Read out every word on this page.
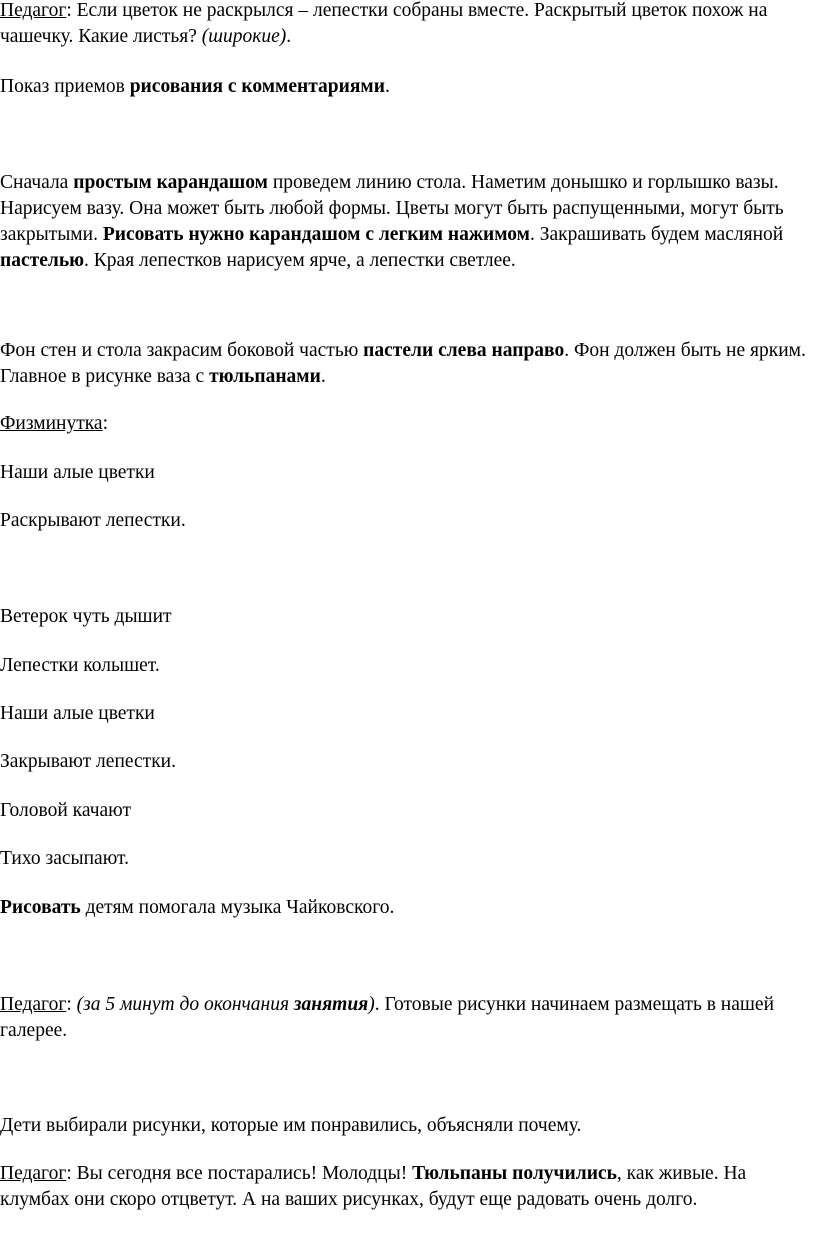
Педагог: Если цветок не раскрылся – лепестки собраны вместе. Раскрытый цветок похож на чашечку. Какие листья? (широкие).

Показ приемов рисования с комментариями.

Сначала простым карандашом проведем линию стола. Наметим донышко и горлышко вазы. Нарисуем вазу. Она может быть любой формы. Цветы могут быть распущенными, могут быть закрытыми. Рисовать нужно карандашом с легким нажимом. Закрашивать будем масляной пастелью. Края лепестков нарисуем ярче, а лепестки светлее.

Фон стен и стола закрасим боковой частью пастели слева направо. Фон должен быть не ярким. Главное в рисунке ваза с тюльпанами.

Физминутка:

Наши алые цветки

Раскрывают лепестки.

Ветерок чуть дышит

Лепестки колышет.

Наши алые цветки

Закрывают лепестки.

Головой качают

Тихо засыпают.

Рисовать детям помогала музыка Чайковского.

Педагог: (за 5 минут до окончания занятия). Готовые рисунки начинаем размещать в нашей галерее.

Дети выбирали рисунки, которые им понравились, объясняли почему.

Педагог: Вы сегодня все постарались! Молодцы! Тюльпаны получились, как живые. На клумбах они скоро отцветут. А на ваших рисунках, будут еще радовать очень долго.
